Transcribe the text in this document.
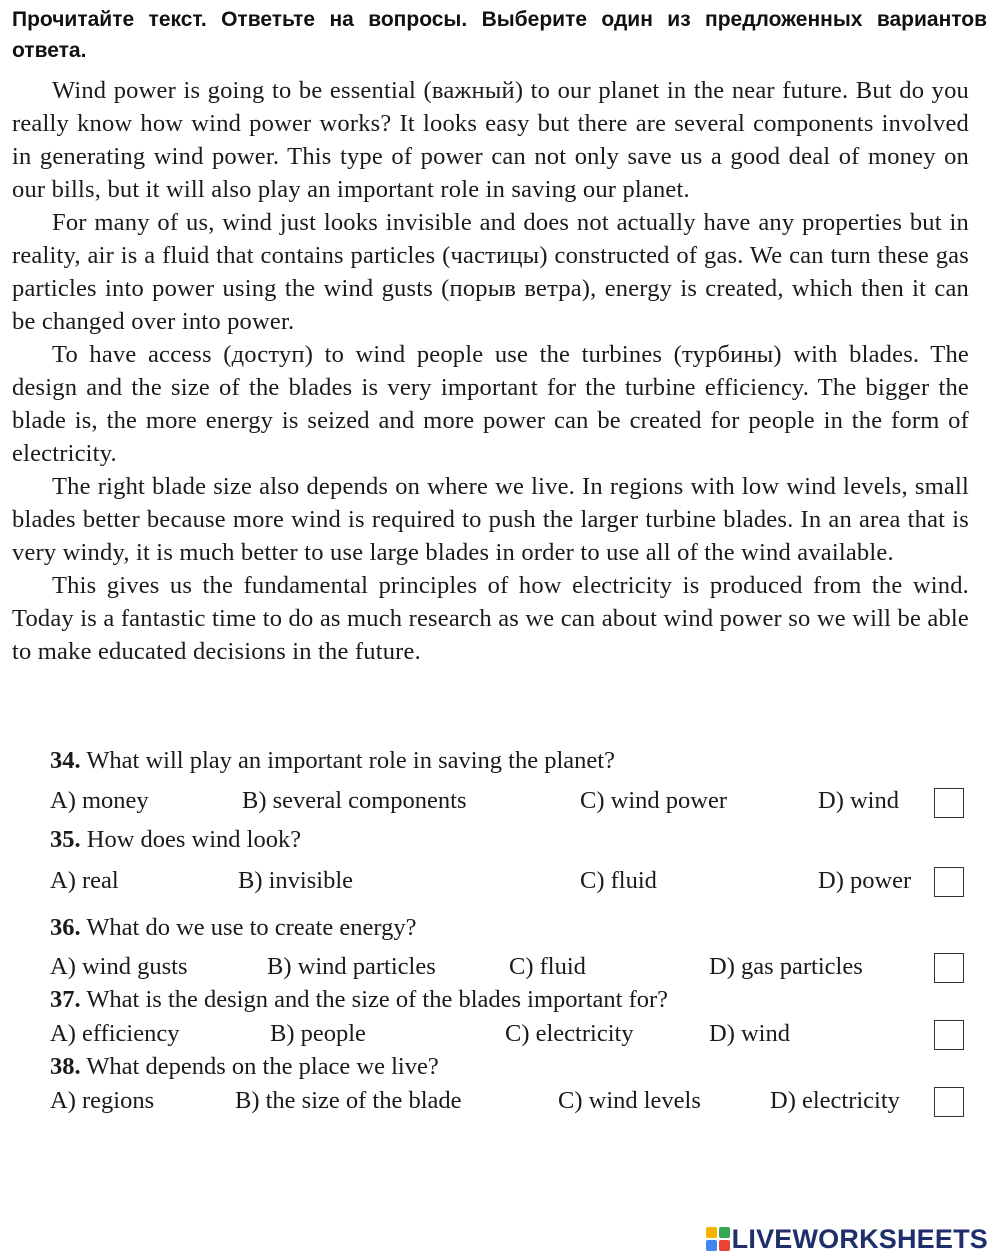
Прочитайте текст. Ответьте на вопросы. Выберите один из предложенных вариантов ответа.

Wind power is going to be essential (важный) to our planet in the near future. But do you really know how wind power works? It looks easy but there are several components involved in generating wind power. This type of power can not only save us a good deal of money on our bills, but it will also play an important role in saving our planet.

For many of us, wind just looks invisible and does not actually have any properties but in reality, air is a fluid that contains particles (частицы) constructed of gas. We can turn these gas particles into power using the wind gusts (порыв ветра), energy is created, which then it can be changed over into power.

To have access (доступ) to wind people use the turbines (турбины) with blades. The design and the size of the blades is very important for the turbine efficiency. The bigger the blade is, the more energy is seized and more power can be created for people in the form of electricity.

The right blade size also depends on where we live. In regions with low wind levels, small blades better because more wind is required to push the larger turbine blades. In an area that is very windy, it is much better to use large blades in order to use all of the wind available.

This gives us the fundamental principles of how electricity is produced from the wind. Today is a fantastic time to do as much research as we can about wind power so we will be able to make educated decisions in the future.

34. What will play an important role in saving the planet?
A) money	B) several components	C) wind power	D) wind
35. How does wind look?
A) real	B) invisible	C) fluid	D) power
36. What do we use to create energy?
A) wind gusts	B) wind particles	C) fluid	D) gas particles
37. What is the design and the size of the blades important for?
A) efficiency	B) people	C) electricity	D) wind
38. What depends on the place we live?
A) regions	B) the size of the blade	C) wind levels	D) electricity
LIVEWORKSHEETS
